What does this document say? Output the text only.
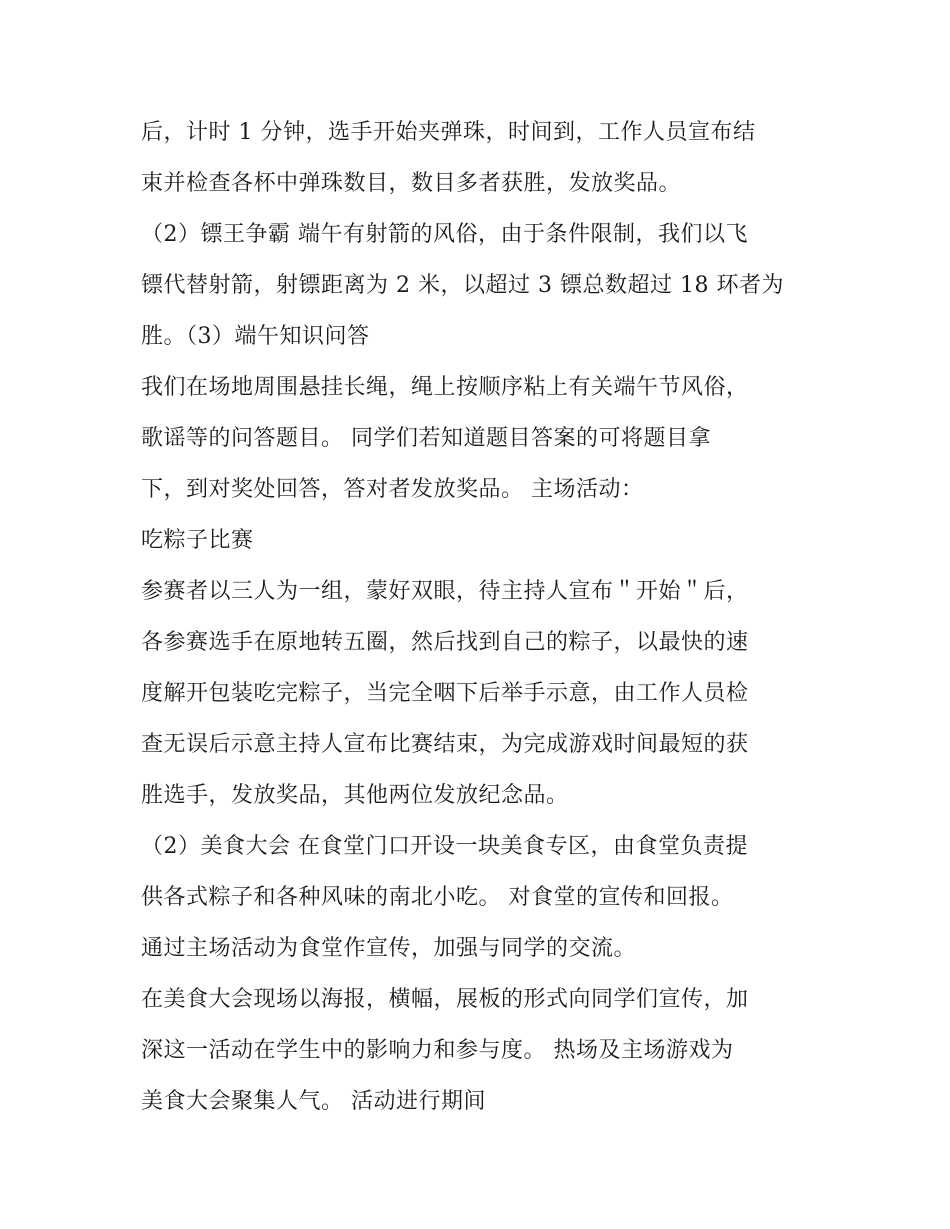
后，计时 1 分钟，选手开始夹弹珠，时间到，工作人员宣布结
束并检查各杯中弹珠数目，数目多者获胜，发放奖品。
（2）镖王争霸 端午有射箭的风俗，由于条件限制，我们以飞
镖代替射箭，射镖距离为 2 米，以超过 3 镖总数超过 18 环者为
胜。（3）端午知识问答
我们在场地周围悬挂长绳，绳上按顺序粘上有关端午节风俗，
歌谣等的问答题目。 同学们若知道题目答案的可将题目拿
下，到对奖处回答，答对者发放奖品。 主场活动：
吃粽子比赛
参赛者以三人为一组，蒙好双眼，待主持人宣布＂开始＂后，
各参赛选手在原地转五圈，然后找到自己的粽子，以最快的速
度解开包装吃完粽子，当完全咽下后举手示意，由工作人员检
查无误后示意主持人宣布比赛结束，为完成游戏时间最短的获
胜选手，发放奖品，其他两位发放纪念品。
（2）美食大会 在食堂门口开设一块美食专区，由食堂负责提
供各式粽子和各种风味的南北小吃。 对食堂的宣传和回报。
通过主场活动为食堂作宣传，加强与同学的交流。
在美食大会现场以海报，横幅，展板的形式向同学们宣传，加
深这一活动在学生中的影响力和参与度。 热场及主场游戏为
美食大会聚集人气。 活动进行期间
